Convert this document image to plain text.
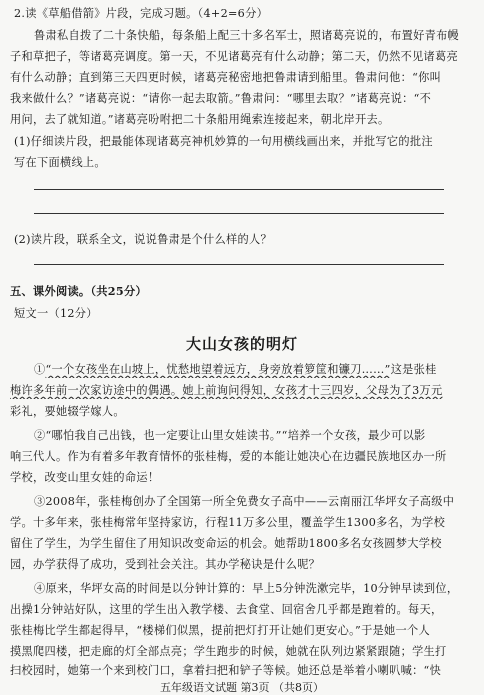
2.读《草船借箭》片段，完成习题。（4+2=6分）
鲁肃私自拨了二十条快船，每条船上配三十多名军士，照诸葛亮说的，布置好青布幔
子和草把子，等诸葛亮调度。第一天，不见诸葛亮有什么动静；第二天，仍然不见诸葛亮
有什么动静；直到第三天四更时候，诸葛亮秘密地把鲁肃请到船里。鲁肃问他：“你叫
我来做什么？”诸葛亮说：“请你一起去取箭。”鲁肃问：“哪里去取？”诸葛亮说：“不
用问，去了就知道。”诸葛亮吩咐把二十条船用绳索连接起来，朝北岸开去。
(1)仔细读片段，把最能体现诸葛亮神机妙算的一句用横线画出来，并批写它的批注
写在下面横线上。
(2)读片段，联系全文，说说鲁肃是个什么样的人？
五、课外阅读。（共25分）
短文一（12分）
大山女孩的明灯
①“一个女孩坐在山坡上，忧愁地望着远方，身旁放着箩筐和镰刀……”这是张桂
梅许多年前一次家访途中的偶遇。她上前询问得知，女孩才十三四岁，父母为了3万元
彩礼，要她辍学嫁人。
②“哪怕我自己出钱，也一定要让山里女娃读书。”“培养一个女孩，最少可以影
响三代人。作为有着多年教育情怀的张桂梅，爱的本能让她决心在边疆民族地区办一所
学校，改变山里女娃的命运！
③2008年，张桂梅创办了全国第一所全免费女子高中——云南丽江华坪女子高级中
学。十多年来，张桂梅常年坚持家访，行程11万多公里，覆盖学生1300多名，为学校
留住了学生，为学生留住了用知识改变命运的机会。她帮助1800多名女孩圆梦大学校
园，办学获得了成功，受到社会关注。其办学秘诀是什么呢？
④原来，华坪女高的时间是以分钟计算的：早上5分钟洗漱完毕，10分钟早读到位，
出操1分钟站好队，这里的学生出入教学楼、去食堂、回宿舍几乎都是跑着的。每天，
张桂梅比学生都起得早，“楼梯们似黑，提前把灯打开让她们更安心。”于是她一个人
摸黑爬四楼，把走廊的灯全部点亮；学生跑步的时候，她就在队列边紧紧跟随；学生打
扫校园时，她第一个来到校门口，拿着扫把和铲子等候。她还总是举着小喇叭喊：“快
五年级语文试题 第3页 （共8页）
